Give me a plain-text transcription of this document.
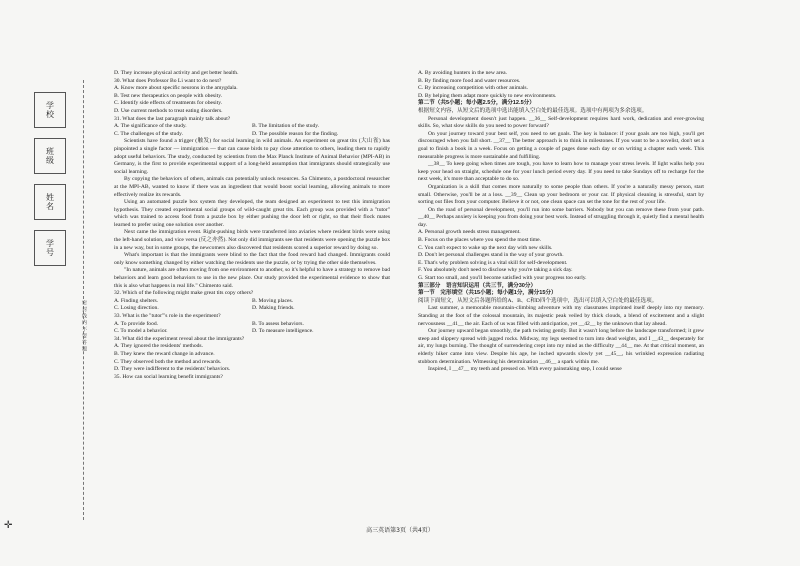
学校
班级
姓名
学号
密 封 线 内 不 要 答 题

D. They increase physical activity and get better health.

30. What does Professor Bo Li want to do next?

A. Know more about specific neurons in the amygdala.

B. Test new therapeutics on people with obesity.

C. Identify side effects of treatments for obesity.

D. Use current methods to treat eating disorders.

31. What does the last paragraph mainly talk about?

A. The significance of the study.	B. The limitation of the study.
C. The challenges of the study.	D. The possible reason for the finding.

Scientists have found a trigger (触发) for social learning in wild animals. An experiment on great tits (大山雀) has pinpointed a single factor — immigration — that can cause birds to pay close attention to others, leading them to rapidly adopt useful behaviors. The study, conducted by scientists from the Max Planck Institute of Animal Behavior (MPI-AB) in Germany, is the first to provide experimental support of a long-held assumption that immigrants should strategically use social learning.

By copying the behaviors of others, animals can potentially unlock resources. Sa Chimento, a postdoctoral researcher at the MPI-AB, wanted to know if there was an ingredient that would boost social learning, allowing animals to more effectively realize its rewards.

Using an automated puzzle box system they developed, the team designed an experiment to test this immigration hypothesis. They created experimental social groups of wild-caught great tits. Each group was provided with a "tutor" which was trained to access food from a puzzle box by either pushing the door left or right, so that their flock mates learned to prefer using one solution over another.

Next came the immigration event. Right-pushing birds were transferred into aviaries where resident birds were using the left-hand solution, and vice versa (反之亦然). Not only did immigrants see that residents were opening the puzzle box in a new way, but in some groups, the newcomers also discovered that residents scored a superior reward by doing so.

What's important is that the immigrants were blind to the fact that the food reward had changed. Immigrants could only know something changed by either watching the residents use the puzzle, or by trying the other side themselves.

"In nature, animals are often moving from one environment to another, so it's helpful to have a strategy to remove bad behaviors and learn good behaviors to use in the new place. Our study provided the experimental evidence to show that this is also what happens in real life." Chimento said.

32. Which of the following might make great tits copy others?

A. Finding shelters.	B. Moving places.
C. Losing direction.	D. Making friends.

33. What is the "tutor"'s role in the experiment?

A. To provide food.	B. To assess behaviors.
C. To model a behavior.	D. To measure intelligence.

34. What did the experiment reveal about the immigrants?

A. They ignored the residents' methods.

B. They knew the reward change in advance.

C. They observed both the method and rewards.

D. They were indifferent to the residents' behaviors.

35. How can social learning benefit immigrants?

A. By avoiding hunters in the new area.

B. By finding more food and water resources.

C. By increasing competition with other animals.

D. By helping them adapt more quickly to new environments.

第二节（共5小题；每小题2.5分，满分12.5分）

根据短文内容，从短文后的选项中选出能填入空白处的最佳选项。选项中有两项为多余选项。

Personal development doesn't just happen. __36__ Self-development requires hard work, dedication and ever-growing skills. So, what slow skills do you need to power forward?

On your journey toward your best self, you need to set goals. The key is balance: if your goals are too high, you'll get discouraged when you fall short. __37__ The better approach is to think in milestones. If you want to be a novelist, don't set a goal to finish a book in a week. Focus on getting a couple of pages done each day or on writing a chapter each week. This measurable progress is more sustainable and fulfilling.

__38__ To keep going when times are tough, you have to learn how to manage your stress levels. If light walks help you keep your head on straight, schedule one for your lunch period every day. If you need to take Sundays off to recharge for the next week, it's more than acceptable to do so.

Organization is a skill that comes more naturally to some people than others. If you're a naturally messy person, start small. Otherwise, you'll be at a loss. __39__ Clean up your bedroom or your car. If physical cleaning is stressful, start by sorting out files from your computer. Believe it or not, one clean space can set the tone for the rest of your life.

On the road of personal development, you'll run into some barriers. Nobody but you can remove these from your path. __40__ Perhaps anxiety is keeping you from doing your best work. Instead of struggling through it, quietly find a mental health day.

A. Personal growth needs stress management.

B. Focus on the places where you spend the most time.

C. You can't expect to wake up the next day with new skills.

D. Don't let personal challenges stand in the way of your growth.

E. That's why problem solving is a vital skill for self-development.

F. You absolutely don't need to disclose why you're taking a sick day.

G. Start too small, and you'll become satisfied with your progress too early.

第三部分　语言知识运用（共三节，满分30分）

第一节　完形填空（共15小题；每小题1分，满分15分）

阅读下面短文，从短文后各题所给的A、B、C和D四个选项中，选出可以填入空白处的最佳选项。

Last summer, a memorable mountain-climbing adventure with my classmates imprinted itself deeply into my memory. Standing at the foot of the colossal mountain, its majestic peak veiled by thick clouds, a blend of excitement and a slight nervousness __41__ the air. Each of us was filled with anticipation, yet __42__ by the unknown that lay ahead.

Our journey upward began smoothly, the path twisting gently. But it wasn't long before the landscape transformed; it grew steep and slippery spread with jagged rocks. Midway, my legs seemed to turn into dead weights, and I __43__ desperately for air, my lungs burning. The thought of surrendering crept into my mind as the difficulty __44__ me. At that critical moment, an elderly hiker came into view. Despite his age, he inched upwards slowly yet __45__, his wrinkled expression radiating stubborn determination. Witnessing his determination __46__ a spark within me.

Inspired, I __47__ my teeth and pressed on. With every painstaking step, I could sense

高三英语第3页（共4页）
✛
